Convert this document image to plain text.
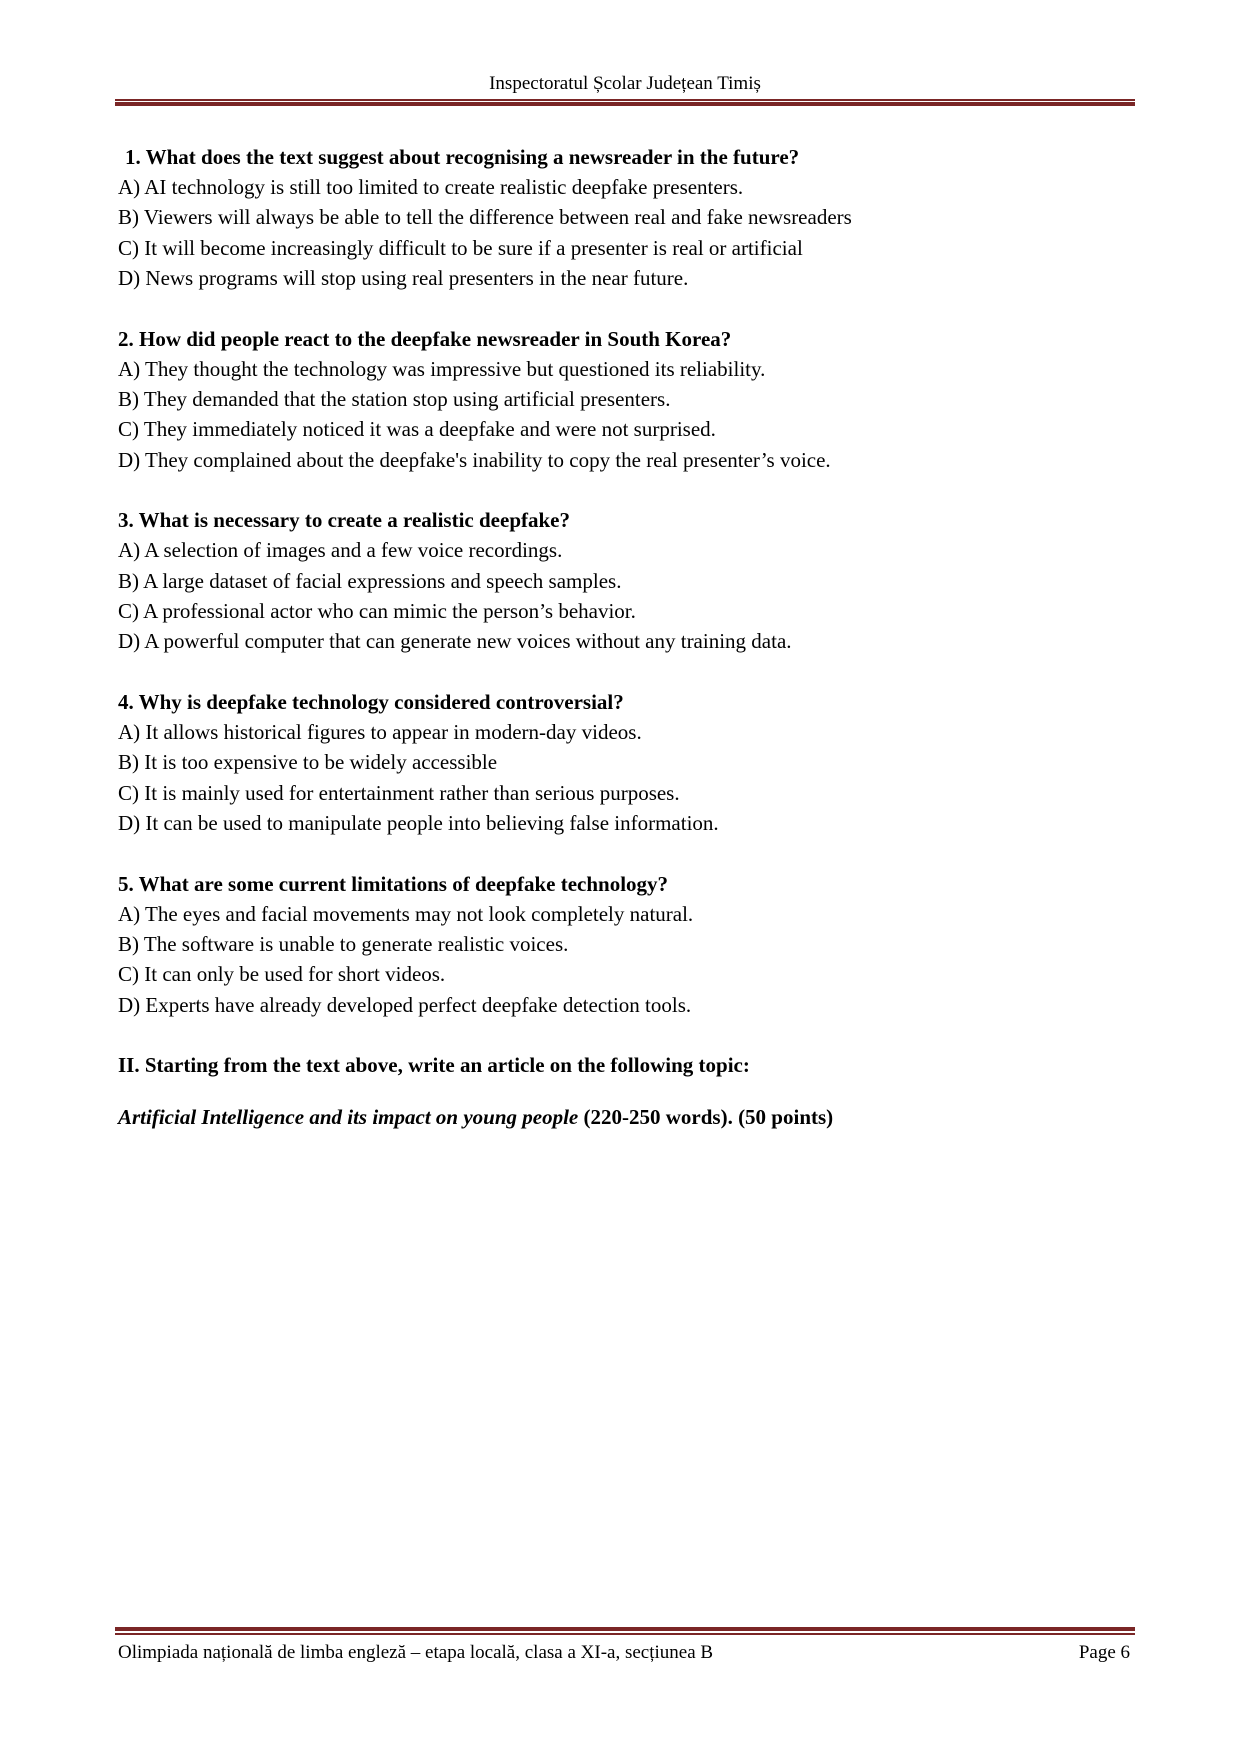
Inspectoratul Școlar Județean Timiș
1. What does the text suggest about recognising a newsreader in the future?
A) AI technology is still too limited to create realistic deepfake presenters.
B) Viewers will always be able to tell the difference between real and fake newsreaders
C) It will become increasingly difficult to be sure if a presenter is real or artificial
D) News programs will stop using real presenters in the near future.
2. How did people react to the deepfake newsreader in South Korea?
A) They thought the technology was impressive but questioned its reliability.
B) They demanded that the station stop using artificial presenters.
C) They immediately noticed it was a deepfake and were not surprised.
D) They complained about the deepfake's inability to copy the real presenter’s voice.
3. What is necessary to create a realistic deepfake?
A) A selection of images and a few voice recordings.
B) A large dataset of facial expressions and speech samples.
C) A professional actor who can mimic the person’s behavior.
D) A powerful computer that can generate new voices without any training data.
4. Why is deepfake technology considered controversial?
A) It allows historical figures to appear in modern-day videos.
B) It is too expensive to be widely accessible
C) It is mainly used for entertainment rather than serious purposes.
D) It can be used to manipulate people into believing false information.
5. What are some current limitations of deepfake technology?
A) The eyes and facial movements may not look completely natural.
B) The software is unable to generate realistic voices.
C) It can only be used for short videos.
D) Experts have already developed perfect deepfake detection tools.
II. Starting from the text above, write an article on the following topic:
Artificial Intelligence and its impact on young people (220-250 words). (50 points)
Olimpiada națională de limba engleză – etapa locală, clasa a XI-a, secțiunea B	Page 6
